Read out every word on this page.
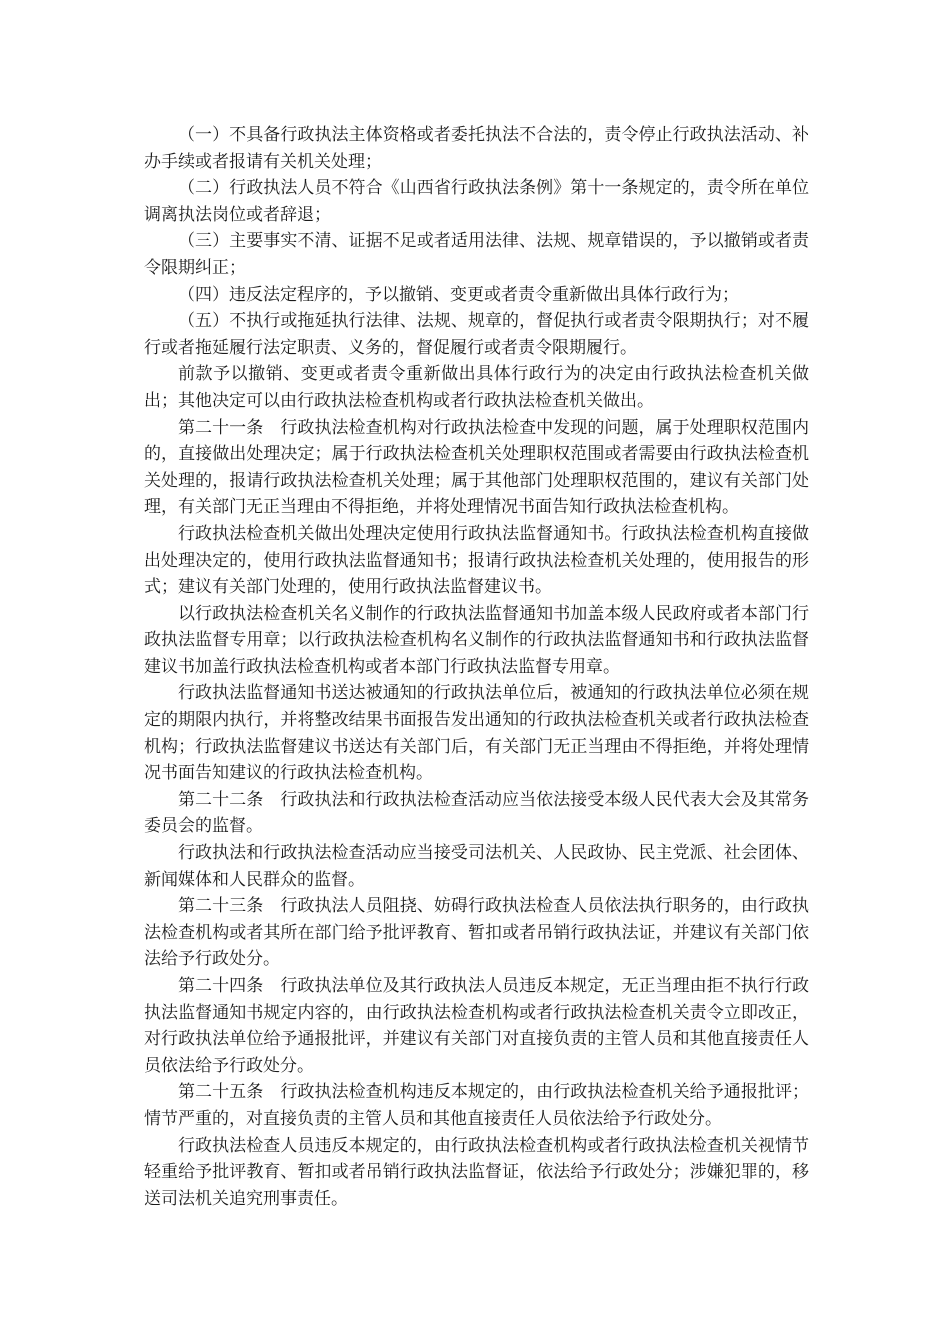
（一）不具备行政执法主体资格或者委托执法不合法的，责令停止行政执法活动、补办手续或者报请有关机关处理；

（二）行政执法人员不符合《山西省行政执法条例》第十一条规定的，责令所在单位调离执法岗位或者辞退；

（三）主要事实不清、证据不足或者适用法律、法规、规章错误的，予以撤销或者责令限期纠正；

（四）违反法定程序的，予以撤销、变更或者责令重新做出具体行政行为；

（五）不执行或拖延执行法律、法规、规章的，督促执行或者责令限期执行；对不履行或者拖延履行法定职责、义务的，督促履行或者责令限期履行。

前款予以撤销、变更或者责令重新做出具体行政行为的决定由行政执法检查机关做出；其他决定可以由行政执法检查机构或者行政执法检查机关做出。

第二十一条　行政执法检查机构对行政执法检查中发现的问题，属于处理职权范围内的，直接做出处理决定；属于行政执法检查机关处理职权范围或者需要由行政执法检查机关处理的，报请行政执法检查机关处理；属于其他部门处理职权范围的，建议有关部门处理，有关部门无正当理由不得拒绝，并将处理情况书面告知行政执法检查机构。

行政执法检查机关做出处理决定使用行政执法监督通知书。行政执法检查机构直接做出处理决定的，使用行政执法监督通知书；报请行政执法检查机关处理的，使用报告的形式；建议有关部门处理的，使用行政执法监督建议书。

以行政执法检查机关名义制作的行政执法监督通知书加盖本级人民政府或者本部门行政执法监督专用章；以行政执法检查机构名义制作的行政执法监督通知书和行政执法监督建议书加盖行政执法检查机构或者本部门行政执法监督专用章。

行政执法监督通知书送达被通知的行政执法单位后，被通知的行政执法单位必须在规定的期限内执行，并将整改结果书面报告发出通知的行政执法检查机关或者行政执法检查机构；行政执法监督建议书送达有关部门后，有关部门无正当理由不得拒绝，并将处理情况书面告知建议的行政执法检查机构。

第二十二条　行政执法和行政执法检查活动应当依法接受本级人民代表大会及其常务委员会的监督。

行政执法和行政执法检查活动应当接受司法机关、人民政协、民主党派、社会团体、新闻媒体和人民群众的监督。

第二十三条　行政执法人员阻挠、妨碍行政执法检查人员依法执行职务的，由行政执法检查机构或者其所在部门给予批评教育、暂扣或者吊销行政执法证，并建议有关部门依法给予行政处分。

第二十四条　行政执法单位及其行政执法人员违反本规定，无正当理由拒不执行行政执法监督通知书规定内容的，由行政执法检查机构或者行政执法检查机关责令立即改正，对行政执法单位给予通报批评，并建议有关部门对直接负责的主管人员和其他直接责任人员依法给予行政处分。

第二十五条　行政执法检查机构违反本规定的，由行政执法检查机关给予通报批评；情节严重的，对直接负责的主管人员和其他直接责任人员依法给予行政处分。

行政执法检查人员违反本规定的，由行政执法检查机构或者行政执法检查机关视情节轻重给予批评教育、暂扣或者吊销行政执法监督证，依法给予行政处分；涉嫌犯罪的，移送司法机关追究刑事责任。
